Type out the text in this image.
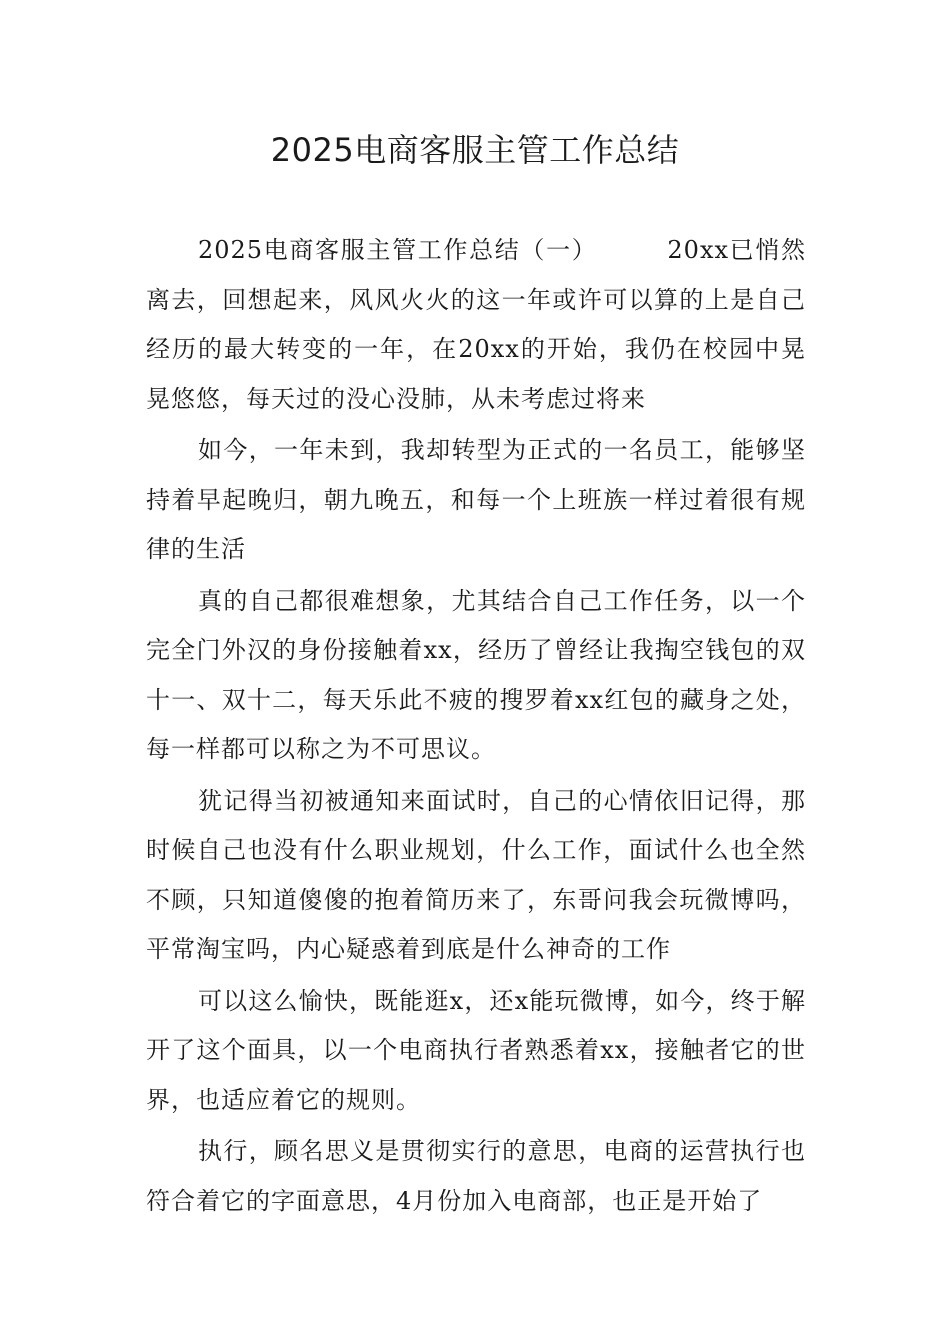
2025电商客服主管工作总结

2025电商客服主管工作总结（一）	20xx已悄然离去，回想起来，风风火火的这一年或许可以算的上是自己经历的最大转变的一年，在20xx的开始，我仍在校园中晃晃悠悠，每天过的没心没肺，从未考虑过将来

如今，一年未到，我却转型为正式的一名员工，能够坚持着早起晚归，朝九晚五，和每一个上班族一样过着很有规律的生活

真的自己都很难想象，尤其结合自己工作任务，以一个完全门外汉的身份接触着xx，经历了曾经让我掏空钱包的双十一、双十二，每天乐此不疲的搜罗着xx红包的藏身之处，每一样都可以称之为不可思议。

犹记得当初被通知来面试时，自己的心情依旧记得，那时候自己也没有什么职业规划，什么工作，面试什么也全然不顾，只知道傻傻的抱着简历来了，东哥问我会玩微博吗，平常淘宝吗，内心疑惑着到底是什么神奇的工作

可以这么愉快，既能逛x，还x能玩微博，如今，终于解开了这个面具，以一个电商执行者熟悉着xx，接触者它的世界，也适应着它的规则。

执行，顾名思义是贯彻实行的意思，电商的运营执行也符合着它的字面意思，4月份加入电商部，也正是开始了
